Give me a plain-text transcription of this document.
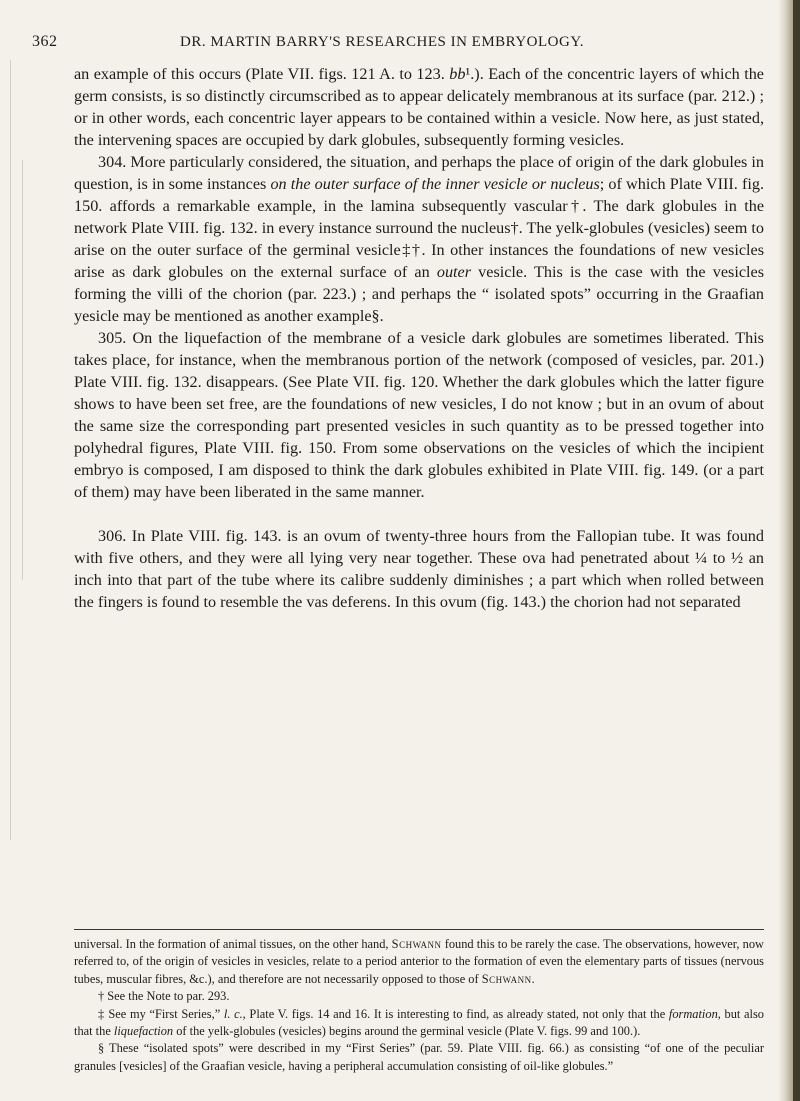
362	DR. MARTIN BARRY'S RESEARCHES IN EMBRYOLOGY.

an example of this occurs (Plate VII. figs. 121 A. to 123. bb¹.). Each of the concentric layers of which the germ consists, is so distinctly circumscribed as to appear delicately membranous at its surface (par. 212.) ; or in other words, each concentric layer appears to be contained within a vesicle. Now here, as just stated, the intervening spaces are occupied by dark globules, subsequently forming vesicles.

304. More particularly considered, the situation, and perhaps the place of origin of the dark globules in question, is in some instances on the outer surface of the inner vesicle or nucleus; of which Plate VIII. fig. 150. affords a remarkable example, in the lamina subsequently vascular†. The dark globules in the network Plate VIII. fig. 132. in every instance surround the nucleus†. The yelk-globules (vesicles) seem to arise on the outer surface of the germinal vesicle‡†. In other instances the foundations of new vesicles arise as dark globules on the external surface of an outer vesicle. This is the case with the vesicles forming the villi of the chorion (par. 223.) ; and perhaps the “ isolated spots” occurring in the Graafian yesicle may be mentioned as another example§.

305. On the liquefaction of the membrane of a vesicle dark globules are sometimes liberated. This takes place, for instance, when the membranous portion of the network (composed of vesicles, par. 201.) Plate VIII. fig. 132. disappears. (See Plate VII. fig. 120. Whether the dark globules which the latter figure shows to have been set free, are the foundations of new vesicles, I do not know ; but in an ovum of about the same size the corresponding part presented vesicles in such quantity as to be pressed together into polyhedral figures, Plate VIII. fig. 150. From some observations on the vesicles of which the incipient embryo is composed, I am disposed to think the dark globules exhibited in Plate VIII. fig. 149. (or a part of them) may have been liberated in the same manner.

306. In Plate VIII. fig. 143. is an ovum of twenty-three hours from the Fallopian tube. It was found with five others, and they were all lying very near together. These ova had penetrated about ¼ to ½ an inch into that part of the tube where its calibre suddenly diminishes ; a part which when rolled between the fingers is found to resemble the vas deferens. In this ovum (fig. 143.) the chorion had not separated

universal. In the formation of animal tissues, on the other hand, Schwann found this to be rarely the case. The observations, however, now referred to, of the origin of vesicles in vesicles, relate to a period anterior to the formation of even the elementary parts of tissues (nervous tubes, muscular fibres, &c.), and therefore are not necessarily opposed to those of Schwann.

† See the Note to par. 293.

‡ See my “First Series,” l. c., Plate V. figs. 14 and 16. It is interesting to find, as already stated, not only that the formation, but also that the liquefaction of the yelk-globules (vesicles) begins around the germinal vesicle (Plate V. figs. 99 and 100.).

§ These “isolated spots” were described in my “First Series” (par. 59. Plate VIII. fig. 66.) as consisting “of one of the peculiar granules [vesicles] of the Graafian vesicle, having a peripheral accumulation consisting of oil-like globules.”
